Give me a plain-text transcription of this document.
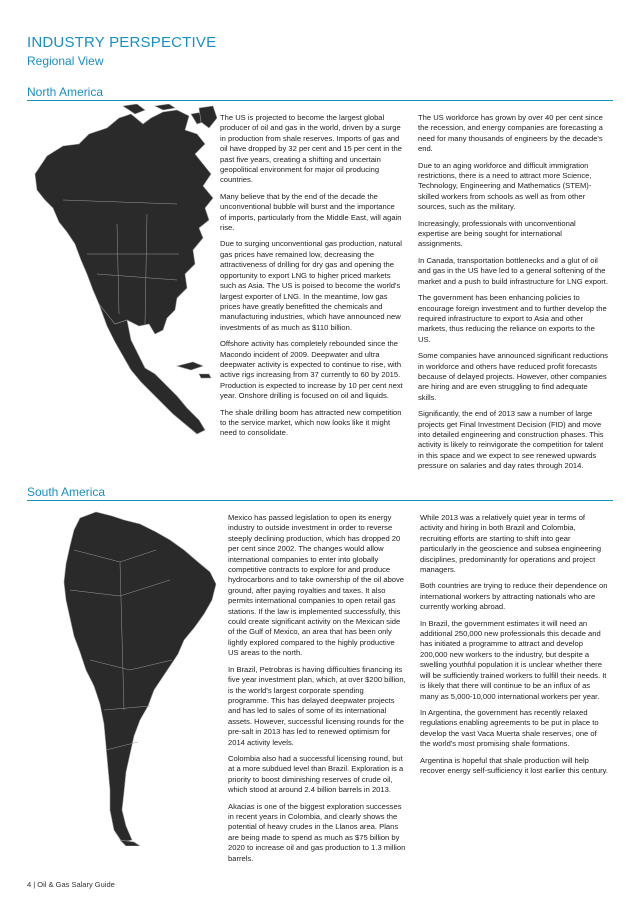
INDUSTRY PERSPECTIVE
Regional View
North America

The US is projected to become the largest global producer of oil and gas in the world, driven by a surge in production from shale reserves. Imports of gas and oil have dropped by 32 per cent and 15 per cent in the past five years, creating a shifting and uncertain geopolitical environment for major oil producing countries.

Many believe that by the end of the decade the unconventional bubble will burst and the importance of imports, particularly from the Middle East, will again rise.

Due to surging unconventional gas production, natural gas prices have remained low, decreasing the attractiveness of drilling for dry gas and opening the opportunity to export LNG to higher priced markets such as Asia. The US is poised to become the world's largest exporter of LNG. In the meantime, low gas prices have greatly benefitted the chemicals and manufacturing industries, which have announced new investments of as much as $110 billion.

Offshore activity has completely rebounded since the Macondo incident of 2009. Deepwater and ultra deepwater activity is expected to continue to rise, with active rigs increasing from 37 currently to 60 by 2015. Production is expected to increase by 10 per cent next year. Onshore drilling is focused on oil and liquids.

The shale drilling boom has attracted new competition to the service market, which now looks like it might need to consolidate.

The US workforce has grown by over 40 per cent since the recession, and energy companies are forecasting a need for many thousands of engineers by the decade's end.

Due to an aging workforce and difficult immigration restrictions, there is a need to attract more Science, Technology, Engineering and Mathematics (STEM)-skilled workers from schools as well as from other sources, such as the military.

Increasingly, professionals with unconventional expertise are being sought for international assignments.

In Canada, transportation bottlenecks and a glut of oil and gas in the US have led to a general softening of the market and a push to build infrastructure for LNG export.

The government has been enhancing policies to encourage foreign investment and to further develop the required infrastructure to export to Asia and other markets, thus reducing the reliance on exports to the US.

Some companies have announced significant reductions in workforce and others have reduced profit forecasts because of delayed projects. However, other companies are hiring and are even struggling to find adequate skills.

Significantly, the end of 2013 saw a number of large projects get Final Investment Decision (FID) and move into detailed engineering and construction phases. This activity is likely to reinvigorate the competition for talent in this space and we expect to see renewed upwards pressure on salaries and day rates through 2014.

South America

Mexico has passed legislation to open its energy industry to outside investment in order to reverse steeply declining production, which has dropped 20 per cent since 2002. The changes would allow international companies to enter into globally competitive contracts to explore for and produce hydrocarbons and to take ownership of the oil above ground, after paying royalties and taxes. It also permits international companies to open retail gas stations. If the law is implemented successfully, this could create significant activity on the Mexican side of the Gulf of Mexico, an area that has been only lightly explored compared to the highly productive US areas to the north.

In Brazil, Petrobras is having difficulties financing its five year investment plan, which, at over $200 billion, is the world's largest corporate spending programme. This has delayed deepwater projects and has led to sales of some of its international assets. However, successful licensing rounds for the pre-salt in 2013 has led to renewed optimism for 2014 activity levels.

Colombia also had a successful licensing round, but at a more subdued level than Brazil. Exploration is a priority to boost diminishing reserves of crude oil, which stood at around 2.4 billion barrels in 2013.

Akacias is one of the biggest exploration successes in recent years in Colombia, and clearly shows the potential of heavy crudes in the Llanos area. Plans are being made to spend as much as $75 billion by 2020 to increase oil and gas production to 1.3 million barrels.

While 2013 was a relatively quiet year in terms of activity and hiring in both Brazil and Colombia, recruiting efforts are starting to shift into gear particularly in the geoscience and subsea engineering disciplines, predominantly for operations and project managers.

Both countries are trying to reduce their dependence on international workers by attracting nationals who are currently working abroad.

In Brazil, the government estimates it will need an additional 250,000 new professionals this decade and has initiated a programme to attract and develop 200,000 new workers to the industry, but despite a swelling youthful population it is unclear whether there will be sufficiently trained workers to fulfill their needs. It is likely that there will continue to be an influx of as many as 5,000-10,000 international workers per year.

In Argentina, the government has recently relaxed regulations enabling agreements to be put in place to develop the vast Vaca Muerta shale reserves, one of the world's most promising shale formations.

Argentina is hopeful that shale production will help recover energy self-sufficiency it lost earlier this century.

4 | Oil & Gas Salary Guide
